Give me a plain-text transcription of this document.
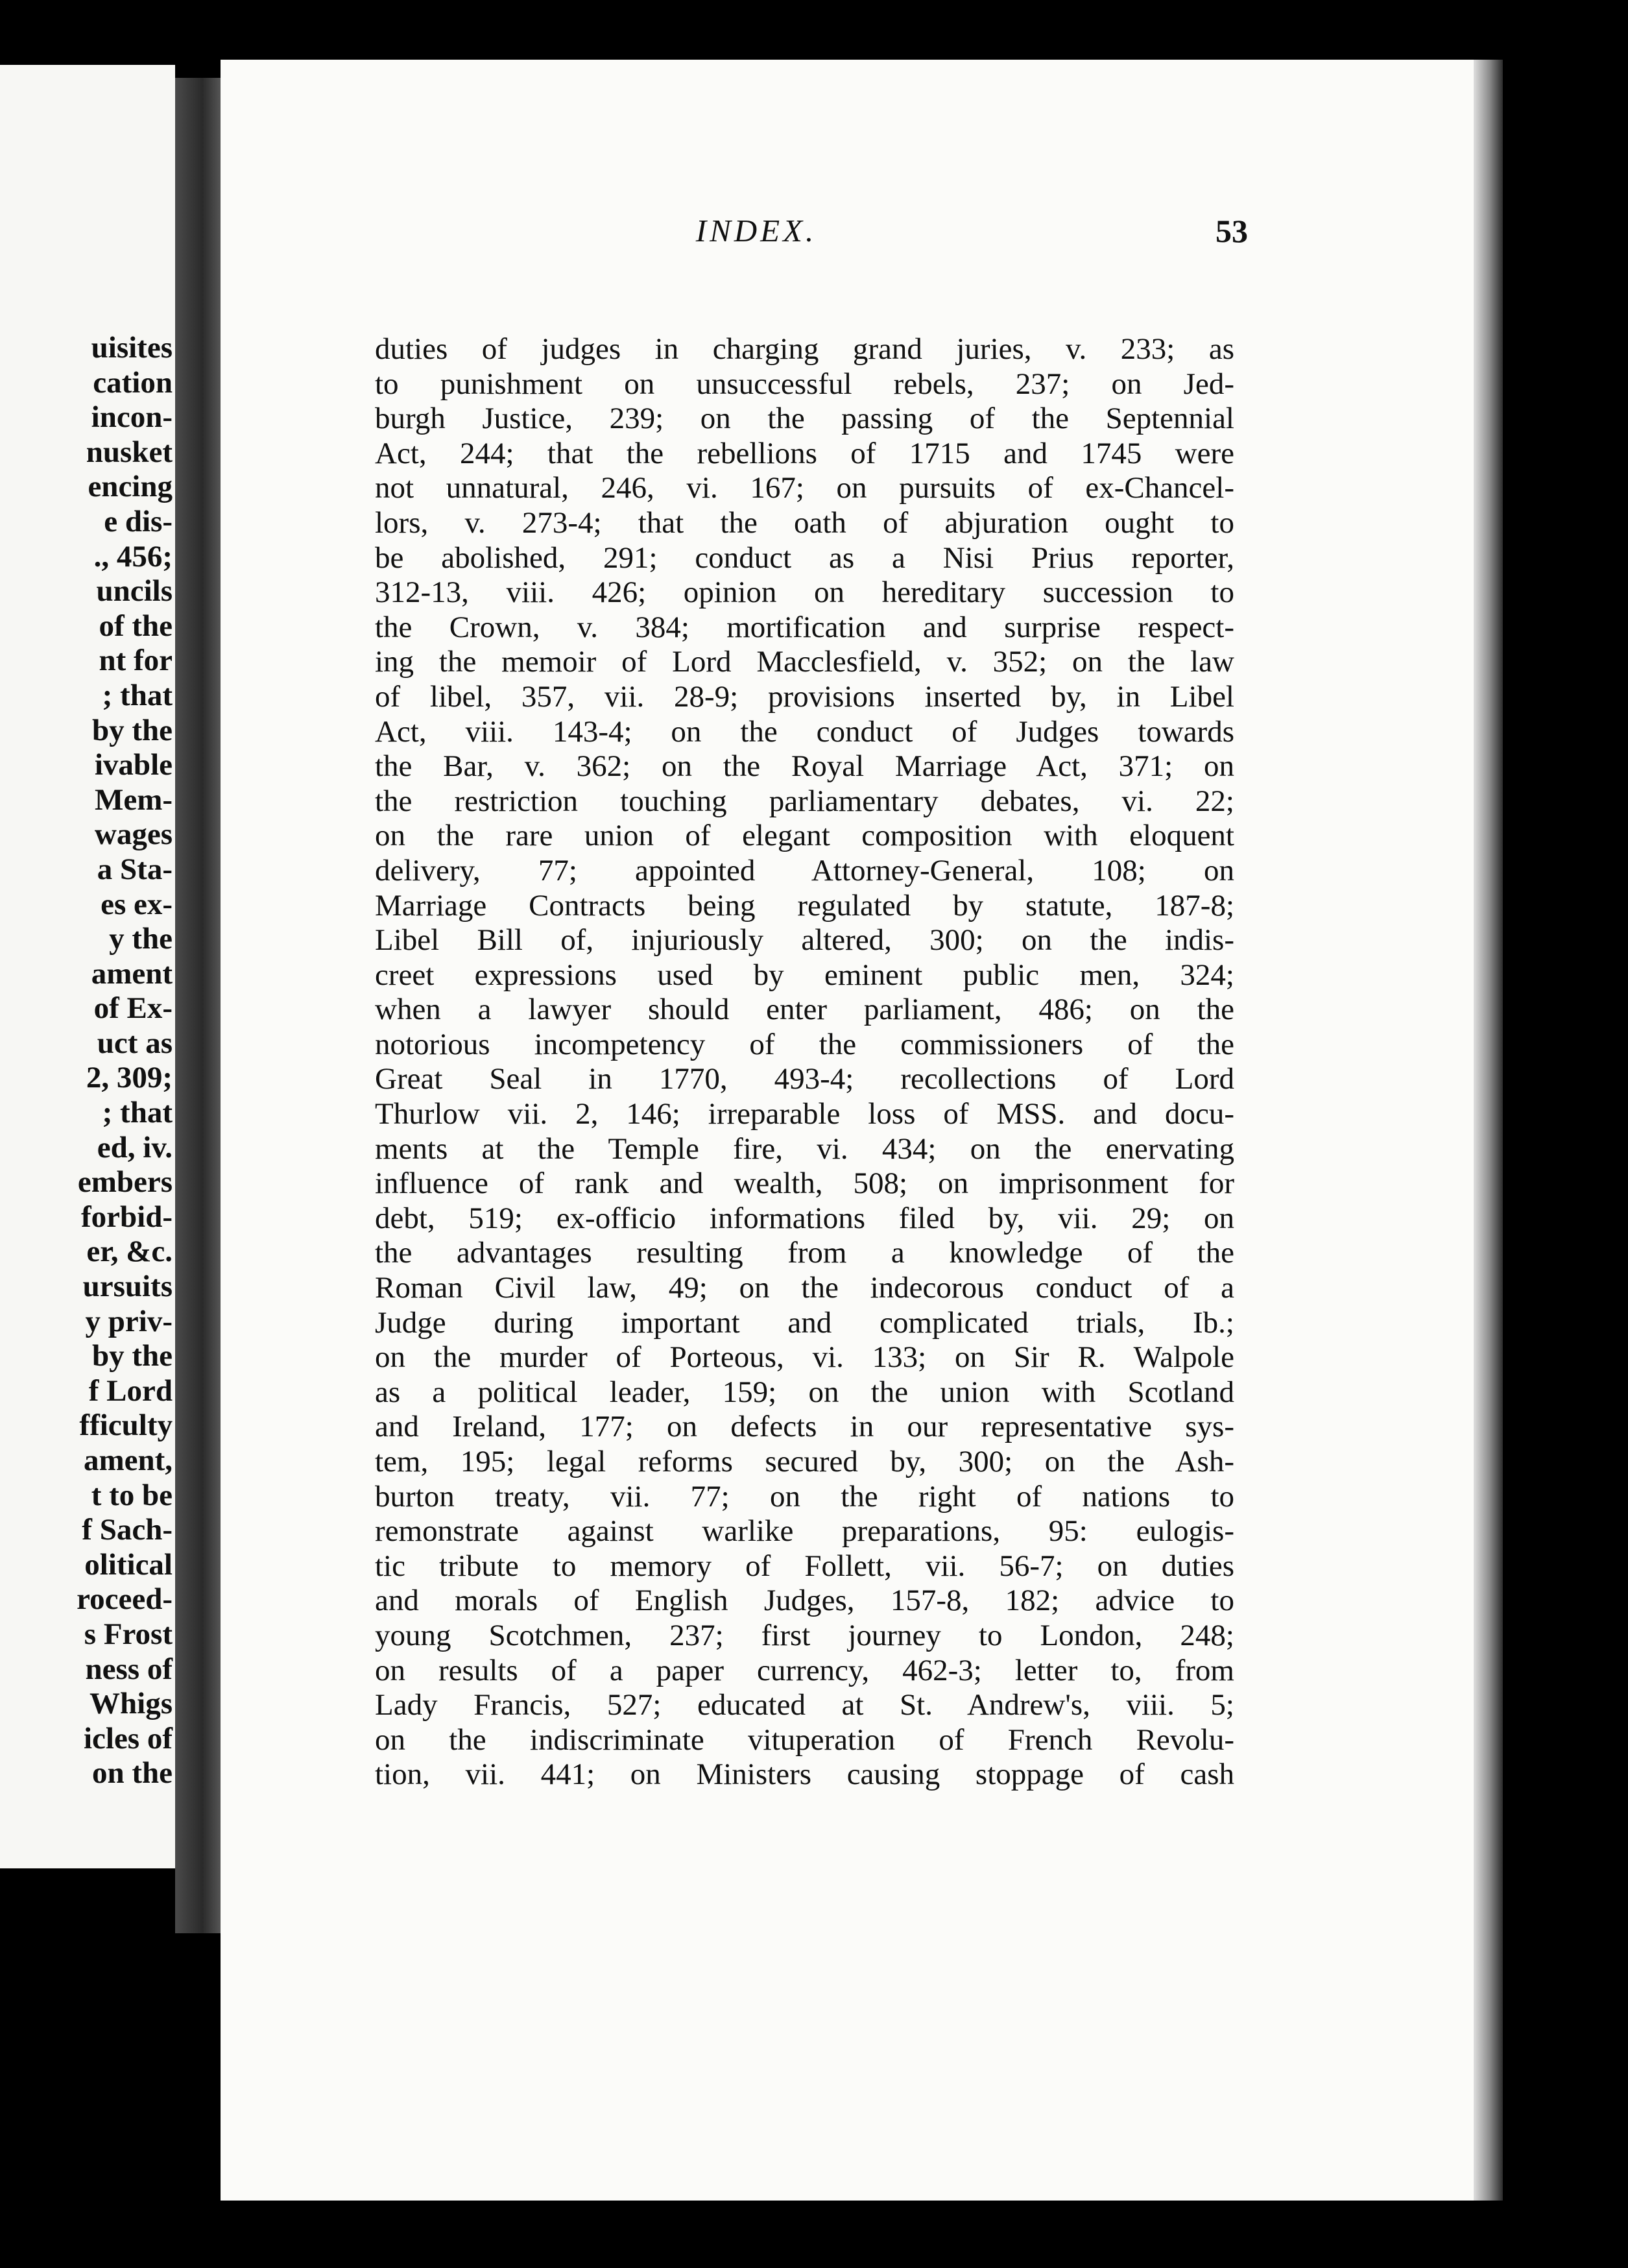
uisites
cation
incon-
nusket
encing
e dis-
., 456;
uncils
of the
nt for
; that
by the
ivable
Mem-
wages
a Sta-
es ex-
y the
ament
of Ex-
uct as
2, 309;
; that
ed, iv.
embers
forbid-
er, &c.
ursuits
y priv-
by the
f Lord
fficulty
ament,
t to be
f Sach-
olitical
roceed-
s Frost
ness of
Whigs
icles of
on the
INDEX.	53
duties of judges in charging grand juries, v. 233; as
to punishment on unsuccessful rebels, 237; on Jed-
burgh Justice, 239; on the passing of the Septennial
Act, 244; that the rebellions of 1715 and 1745 were
not unnatural, 246, vi. 167; on pursuits of ex-Chancel-
lors, v. 273-4; that the oath of abjuration ought to
be abolished, 291; conduct as a Nisi Prius reporter,
312-13, viii. 426; opinion on hereditary succession to
the Crown, v. 384; mortification and surprise respect-
ing the memoir of Lord Macclesfield, v. 352; on the law
of libel, 357, vii. 28-9; provisions inserted by, in Libel
Act, viii. 143-4; on the conduct of Judges towards
the Bar, v. 362; on the Royal Marriage Act, 371; on
the restriction touching parliamentary debates, vi. 22;
on the rare union of elegant composition with eloquent
delivery, 77; appointed Attorney-General, 108; on
Marriage Contracts being regulated by statute, 187-8;
Libel Bill of, injuriously altered, 300; on the indis-
creet expressions used by eminent public men, 324;
when a lawyer should enter parliament, 486; on the
notorious incompetency of the commissioners of the
Great Seal in 1770, 493-4; recollections of Lord
Thurlow vii. 2, 146; irreparable loss of MSS. and docu-
ments at the Temple fire, vi. 434; on the enervating
influence of rank and wealth, 508; on imprisonment for
debt, 519; ex-officio informations filed by, vii. 29; on
the advantages resulting from a knowledge of the
Roman Civil law, 49; on the indecorous conduct of a
Judge during important and complicated trials, Ib.;
on the murder of Porteous, vi. 133; on Sir R. Walpole
as a political leader, 159; on the union with Scotland
and Ireland, 177; on defects in our representative sys-
tem, 195; legal reforms secured by, 300; on the Ash-
burton treaty, vii. 77; on the right of nations to
remonstrate against warlike preparations, 95: eulogis-
tic tribute to memory of Follett, vii. 56-7; on duties
and morals of English Judges, 157-8, 182; advice to
young Scotchmen, 237; first journey to London, 248;
on results of a paper currency, 462-3; letter to, from
Lady Francis, 527; educated at St. Andrew's, viii. 5;
on the indiscriminate vituperation of French Revolu-
tion, vii. 441; on Ministers causing stoppage of cash
